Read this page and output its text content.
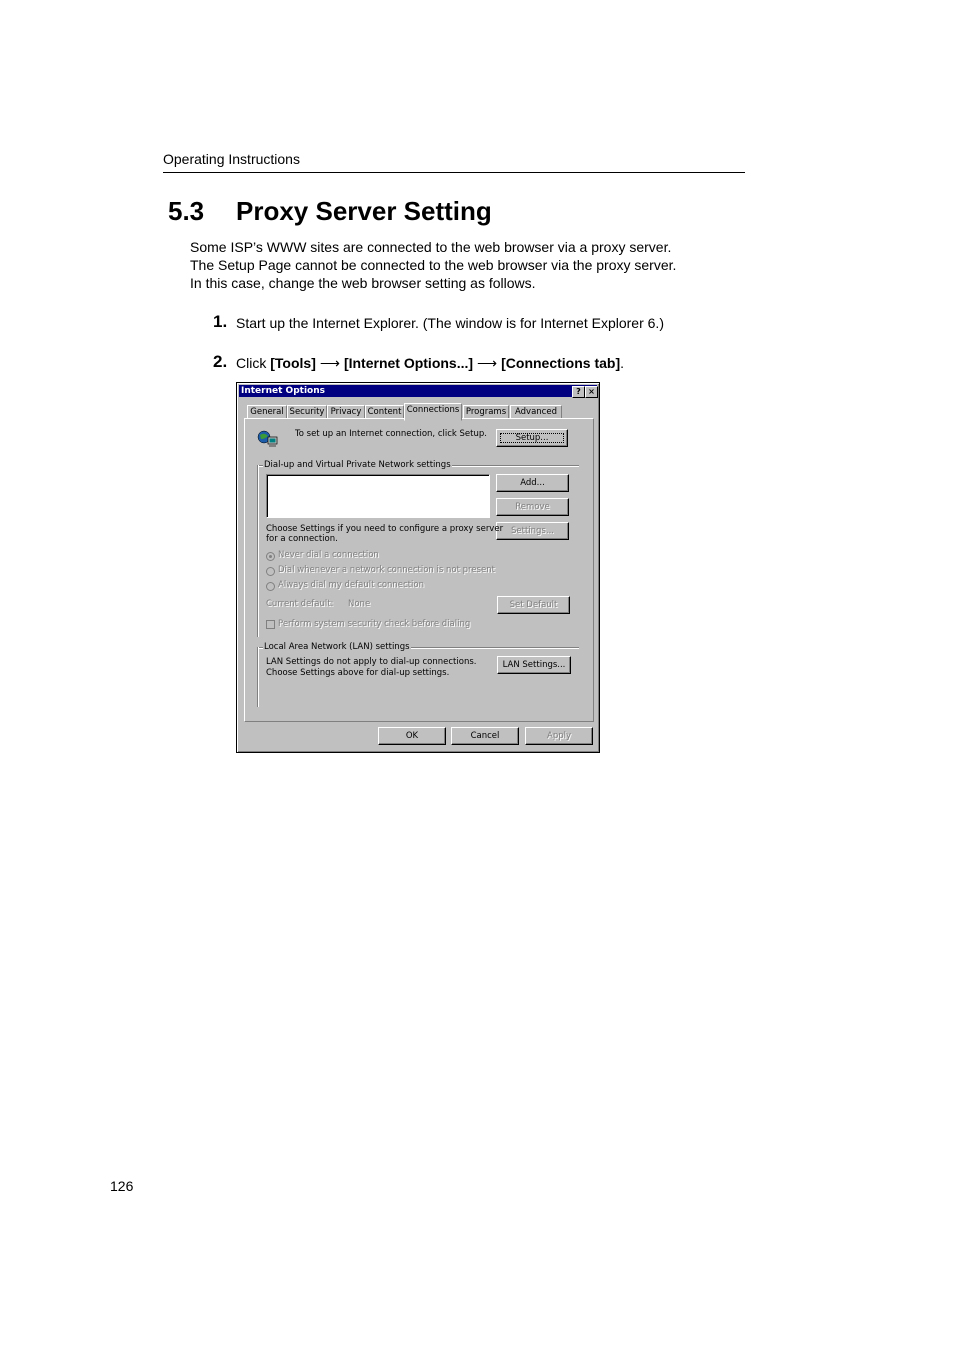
Operating Instructions
5.3 Proxy Server Setting
Some ISP’s WWW sites are connected to the web browser via a proxy server.
The Setup Page cannot be connected to the web browser via the proxy server.
In this case, change the web browser setting as follows.
1. Start up the Internet Explorer. (The window is for Internet Explorer 6.)
2. Click [Tools] ⟶ [Internet Options...] ⟶ [Connections tab].
Internet Options	? ×
General Security Privacy Content Connections Programs	Advanced
To set up an Internet connection, click Setup.	Setup...
Dial-up and Virtual Private Network settings
Add...
Remove
Settings...
Choose Settings if you need to configure a proxy server
for a connection.
Never dial a connection
Dial whenever a network connection is not present
Always dial my default connection
Current default: None	Set Default
Perform system security check before dialing
Local Area Network (LAN) settings
LAN Settings do not apply to dial-up connections.
Choose Settings above for dial-up settings.
LAN Settings...
OK	Cancel	Apply
126
